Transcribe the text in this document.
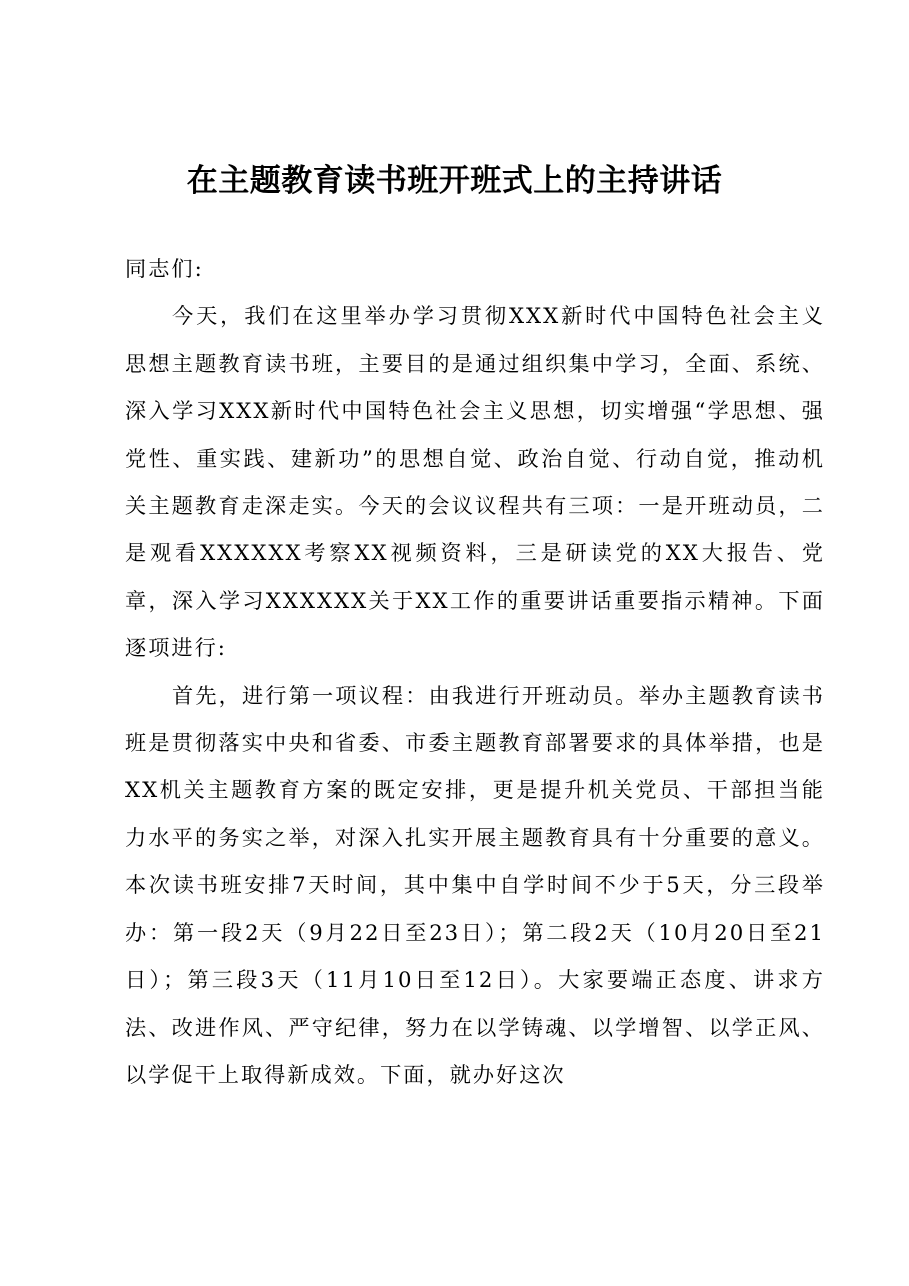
在主题教育读书班开班式上的主持讲话

同志们:

今天，我们在这里举办学习贯彻XXX新时代中国特色社会主义思想主题教育读书班，主要目的是通过组织集中学习，全面、系统、深入学习XXX新时代中国特色社会主义思想，切实增强“学思想、强党性、重实践、建新功”的思想自觉、政治自觉、行动自觉，推动机关主题教育走深走实。今天的会议议程共有三项：一是开班动员，二是观看XXXXXX考察XX视频资料，三是研读党的XX大报告、党章，深入学习XXXXXX关于XX工作的重要讲话重要指示精神。下面逐项进行:

首先，进行第一项议程：由我进行开班动员。举办主题教育读书班是贯彻落实中央和省委、市委主题教育部署要求的具体举措，也是XX机关主题教育方案的既定安排，更是提升机关党员、干部担当能力水平的务实之举，对深入扎实开展主题教育具有十分重要的意义。本次读书班安排7天时间，其中集中自学时间不少于5天，分三段举办：第一段2天（9月22日至23日）；第二段2天（10月20日至21日）；第三段3天（11月10日至12日）。大家要端正态度、讲求方法、改进作风、严守纪律，努力在以学铸魂、以学增智、以学正风、以学促干上取得新成效。下面，就办好这次
